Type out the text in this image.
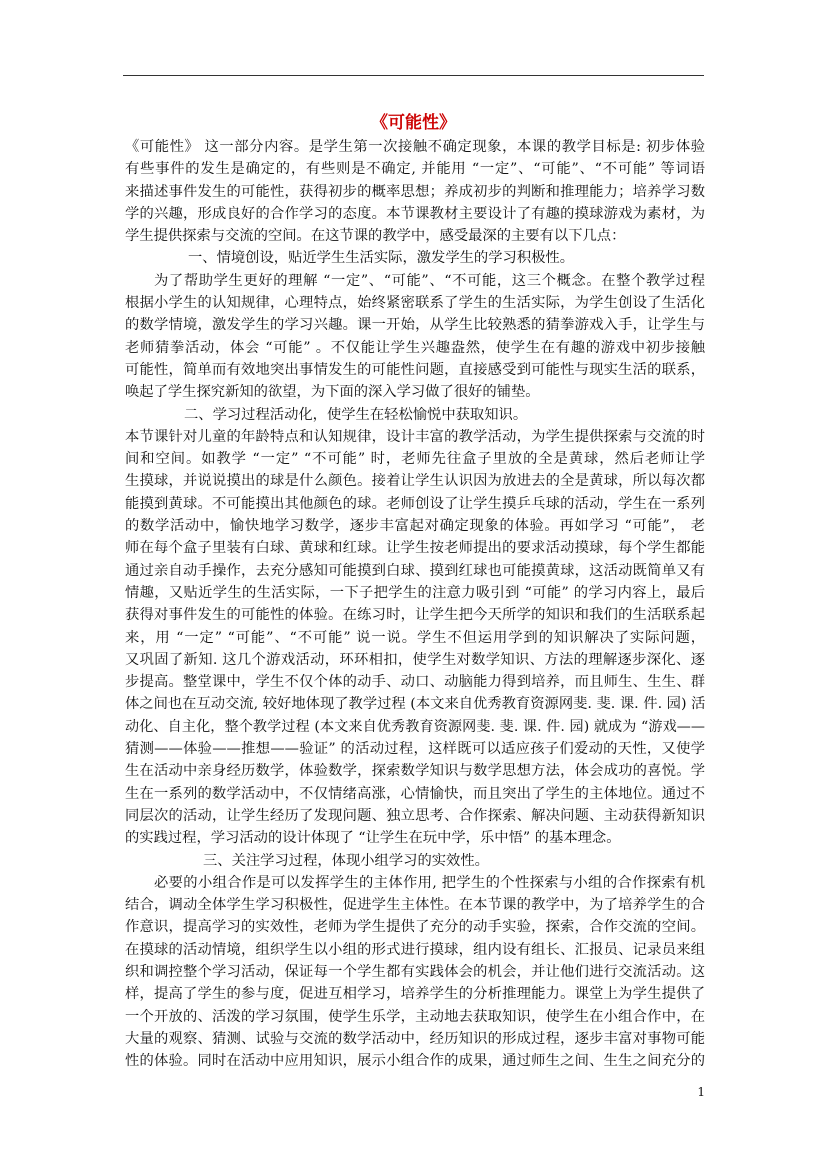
《可能性》
《可能性》 这一部分内容。是学生第一次接触不确定现象，本课的教学目标是: 初步体验
有些事件的发生是确定的，有些则是不确定, 并能用 “一定”、“可能”、“不可能” 等词语
来描述事件发生的可能性，获得初步的概率思想；养成初步的判断和推理能力；培养学习数
学的兴趣，形成良好的合作学习的态度。本节课教材主要设计了有趣的摸球游戏为素材，为
学生提供探索与交流的空间。在这节课的教学中，感受最深的主要有以下几点：
一、情境创设，贴近学生生活实际，激发学生的学习积极性。
为了帮助学生更好的理解 “一定”、“可能”、“不可能，这三个概念。在整个教学过程
根据小学生的认知规律，心理特点，始终紧密联系了学生的生活实际，为学生创设了生活化
的数学情境，激发学生的学习兴趣。课一开始，从学生比较熟悉的猜拳游戏入手，让学生与
老师猜拳活动，体会 “可能” 。不仅能让学生兴趣盎然，使学生在有趣的游戏中初步接触
可能性，简单而有效地突出事情发生的可能性问题，直接感受到可能性与现实生活的联系，
唤起了学生探究新知的欲望，为下面的深入学习做了很好的铺垫。
二、学习过程活动化，使学生在轻松愉悦中获取知识。
本节课针对儿童的年龄特点和认知规律，设计丰富的教学活动，为学生提供探索与交流的时
间和空间。如教学 “一定” “不可能” 时，老师先往盒子里放的全是黄球，然后老师让学
生摸球，并说说摸出的球是什么颜色。接着让学生认识因为放进去的全是黄球，所以每次都
能摸到黄球。不可能摸出其他颜色的球。老师创设了让学生摸乒乓球的活动，学生在一系列
的数学活动中，愉快地学习数学，逐步丰富起对确定现象的体验。再如学习 “可能”， 老
师在每个盒子里装有白球、黄球和红球。让学生按老师提出的要求活动摸球，每个学生都能
通过亲自动手操作，去充分感知可能摸到白球、摸到红球也可能摸黄球，这活动既简单又有
情趣，又贴近学生的生活实际，一下子把学生的注意力吸引到 “可能” 的学习内容上，最后
获得对事件发生的可能性的体验。在练习时，让学生把今天所学的知识和我们的生活联系起
来，用 “一定” “可能”、“不可能” 说一说。学生不但运用学到的知识解决了实际问题，
又巩固了新知. 这几个游戏活动，环环相扣，使学生对数学知识、方法的理解逐步深化、逐
步提高。整堂课中，学生不仅个体的动手、动口、动脑能力得到培养，而且师生、生生、群
体之间也在互动交流, 较好地体现了教学过程 (本文来自优秀教育资源网斐. 斐. 课. 件. 园) 活
动化、自主化，整个教学过程 (本文来自优秀教育资源网斐. 斐. 课. 件. 园) 就成为 “游戏——
猜测——体验——推想——验证” 的活动过程，这样既可以适应孩子们爱动的天性，又使学
生在活动中亲身经历数学，体验数学，探索数学知识与数学思想方法，体会成功的喜悦。学
生在一系列的数学活动中，不仅情绪高涨，心情愉快，而且突出了学生的主体地位。通过不
同层次的活动，让学生经历了发现问题、独立思考、合作探索、解决问题、主动获得新知识
的实践过程，学习活动的设计体现了 “让学生在玩中学，乐中悟” 的基本理念。
三、关注学习过程，体现小组学习的实效性。
必要的小组合作是可以发挥学生的主体作用, 把学生的个性探索与小组的合作探索有机
结合，调动全体学生学习积极性，促进学生主体性。在本节课的教学中，为了培养学生的合
作意识，提高学习的实效性，老师为学生提供了充分的动手实验，探索，合作交流的空间。
在摸球的活动情境，组织学生以小组的形式进行摸球，组内设有组长、汇报员、记录员来组
织和调控整个学习活动，保证每一个学生都有实践体会的机会，并让他们进行交流活动。这
样，提高了学生的参与度，促进互相学习，培养学生的分析推理能力。课堂上为学生提供了
一个开放的、活泼的学习氛围，使学生乐学，主动地去获取知识，使学生在小组合作中，在
大量的观察、猜测、试验与交流的数学活动中，经历知识的形成过程，逐步丰富对事物可能
性的体验。同时在活动中应用知识，展示小组合作的成果，通过师生之间、生生之间充分的
1
